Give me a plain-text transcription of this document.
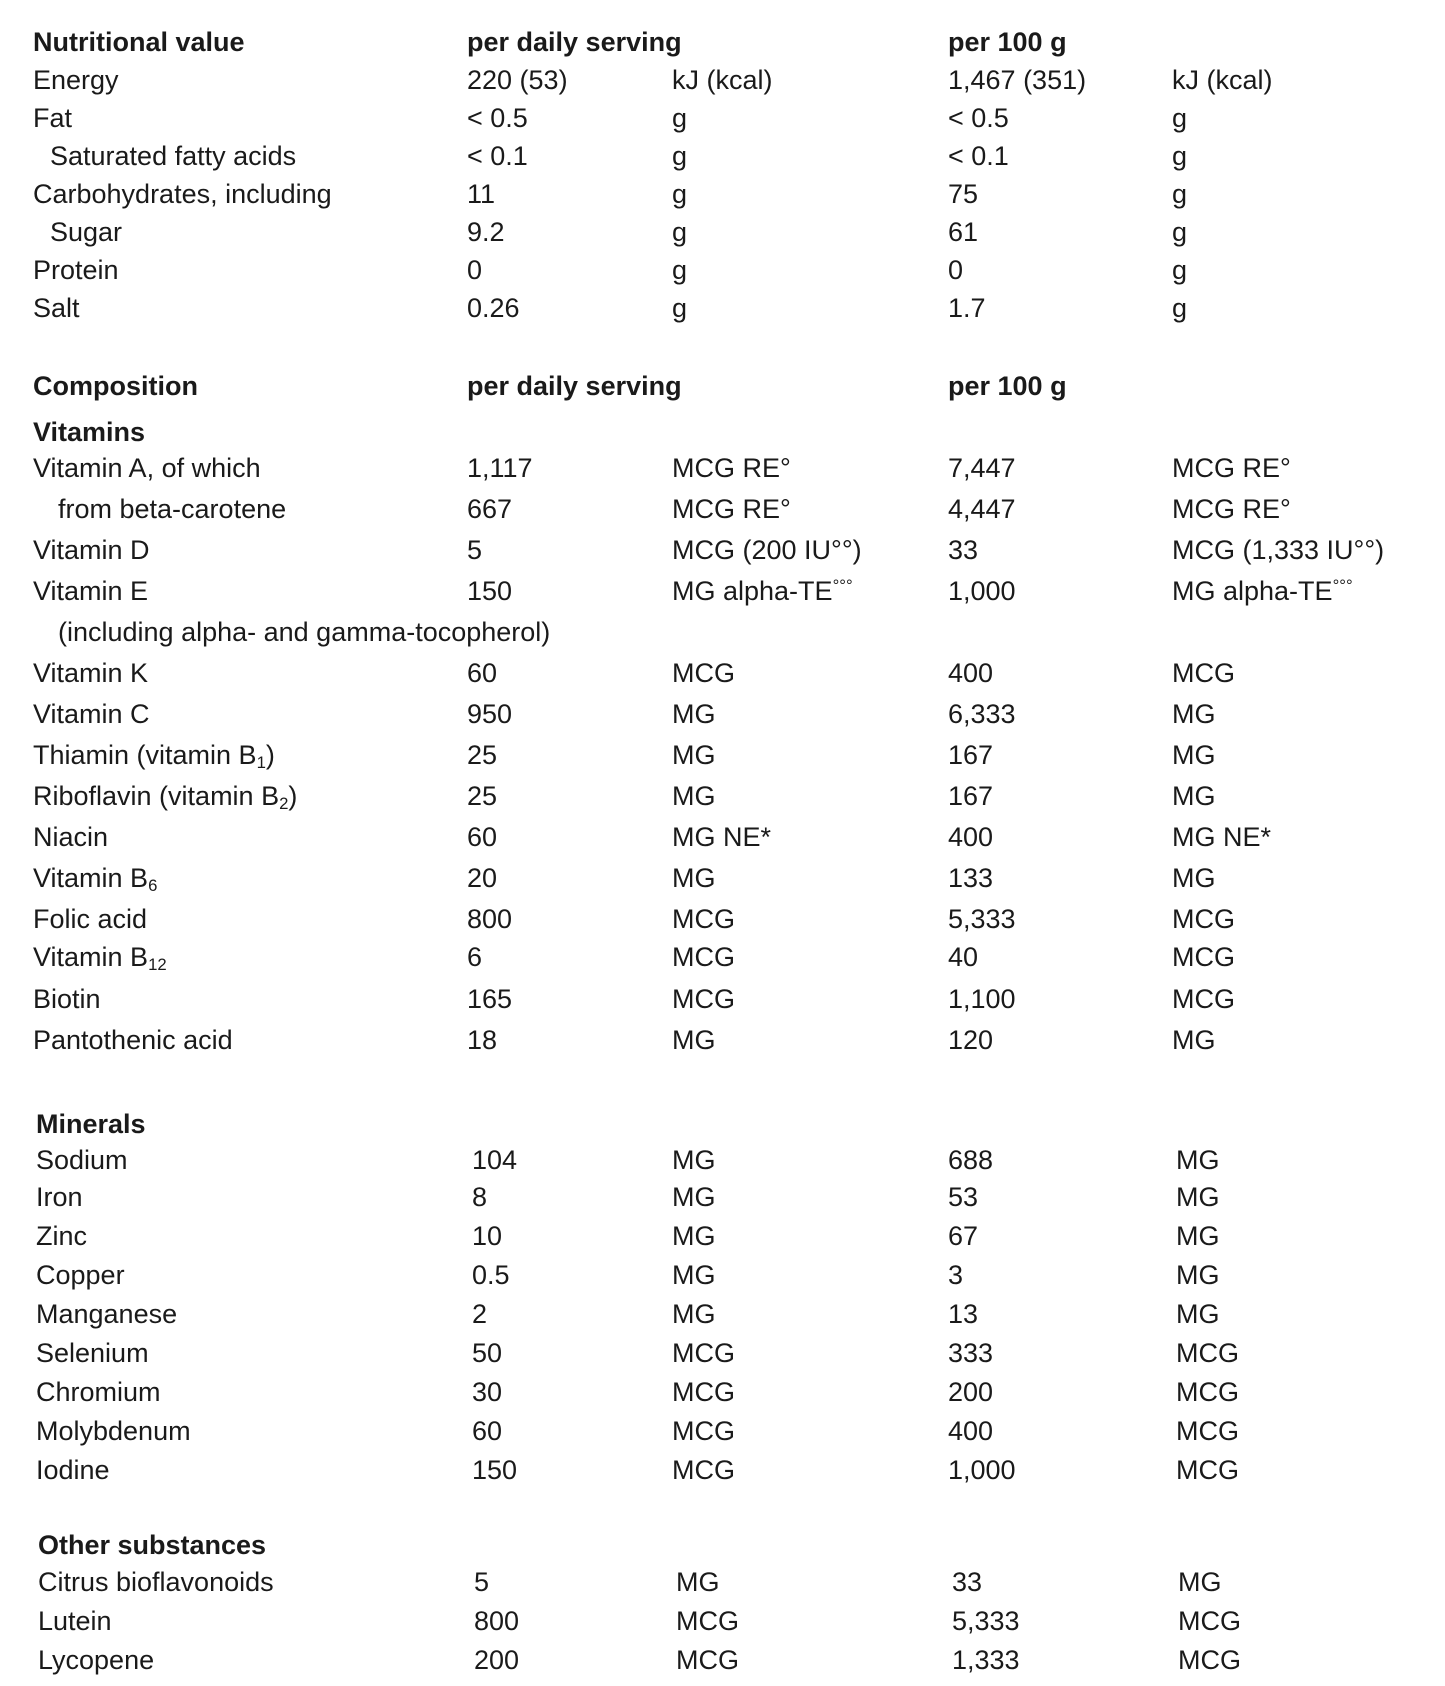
Nutritional value	per daily serving	per 100 g
Energy	220 (53)	kJ (kcal)	1,467 (351)	kJ (kcal)
Fat	< 0.5	g	< 0.5	g
Saturated fatty acids	< 0.1	g	< 0.1	g
Carbohydrates, including	11	g	75	g
Sugar	9.2	g	61	g
Protein	0	g	0	g
Salt	0.26	g	1.7	g
Composition	per daily serving	per 100 g
Vitamins
Vitamin A, of which	1,117	MCG RE°	7,447	MCG RE°
from beta-carotene	667	MCG RE°	4,447	MCG RE°
Vitamin D	5	MCG (200 IU°°)	33	MCG (1,333 IU°°)
Vitamin E	150	MG alpha-TE°°°	1,000	MG alpha-TE°°°
(including alpha- and gamma-tocopherol)
Vitamin K	60	MCG	400	MCG
Vitamin C	950	MG	6,333	MG
Thiamin (vitamin $B_1$)	25	MG	167	MG
Riboflavin (vitamin $B_2$)	25	MG	167	MG
Niacin	60	MG NE*	400	MG NE*
Vitamin $B_6$	20	MG	133	MG
Folic acid	800	MCG	5,333	MCG
Vitamin $B_{12}$	6	MCG	40	MCG
Biotin	165	MCG	1,100	MCG
Pantothenic acid	18	MG	120	MG
Minerals
Sodium	104	MG	688	MG
Iron	8	MG	53	MG
Zinc	10	MG	67	MG
Copper	0.5	MG	3	MG
Manganese	2	MG	13	MG
Selenium	50	MCG	333	MCG
Chromium	30	MCG	200	MCG
Molybdenum	60	MCG	400	MCG
Iodine	150	MCG	1,000	MCG
Other substances
Citrus bioflavonoids	5	MG	33	MG
Lutein	800	MCG	5,333	MCG
Lycopene	200	MCG	1,333	MCG
